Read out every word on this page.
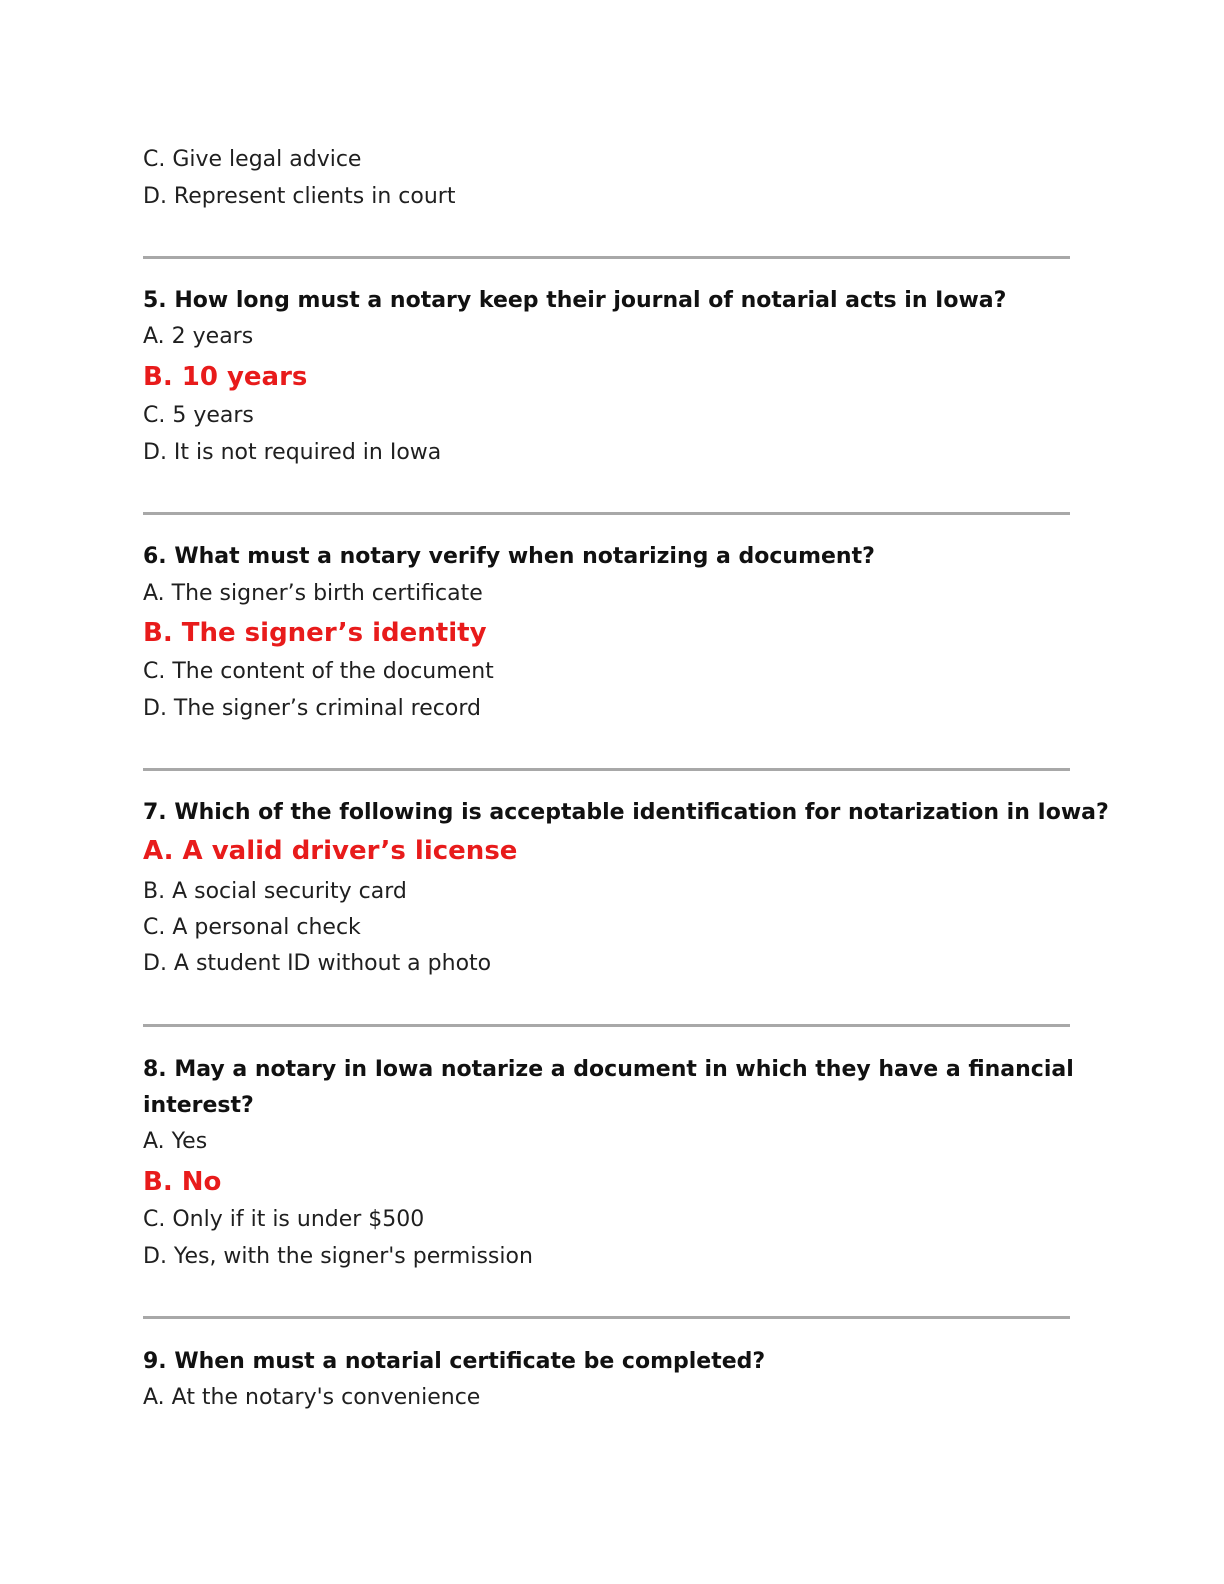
C. Give legal advice
D. Represent clients in court
5. How long must a notary keep their journal of notarial acts in Iowa?
A. 2 years
B. 10 years
C. 5 years
D. It is not required in Iowa
6. What must a notary verify when notarizing a document?
A. The signer’s birth certificate
B. The signer’s identity
C. The content of the document
D. The signer’s criminal record
7. Which of the following is acceptable identification for notarization in Iowa?
A. A valid driver’s license
B. A social security card
C. A personal check
D. A student ID without a photo
8. May a notary in Iowa notarize a document in which they have a financial
interest?
A. Yes
B. No
C. Only if it is under $500
D. Yes, with the signer's permission
9. When must a notarial certificate be completed?
A. At the notary's convenience
